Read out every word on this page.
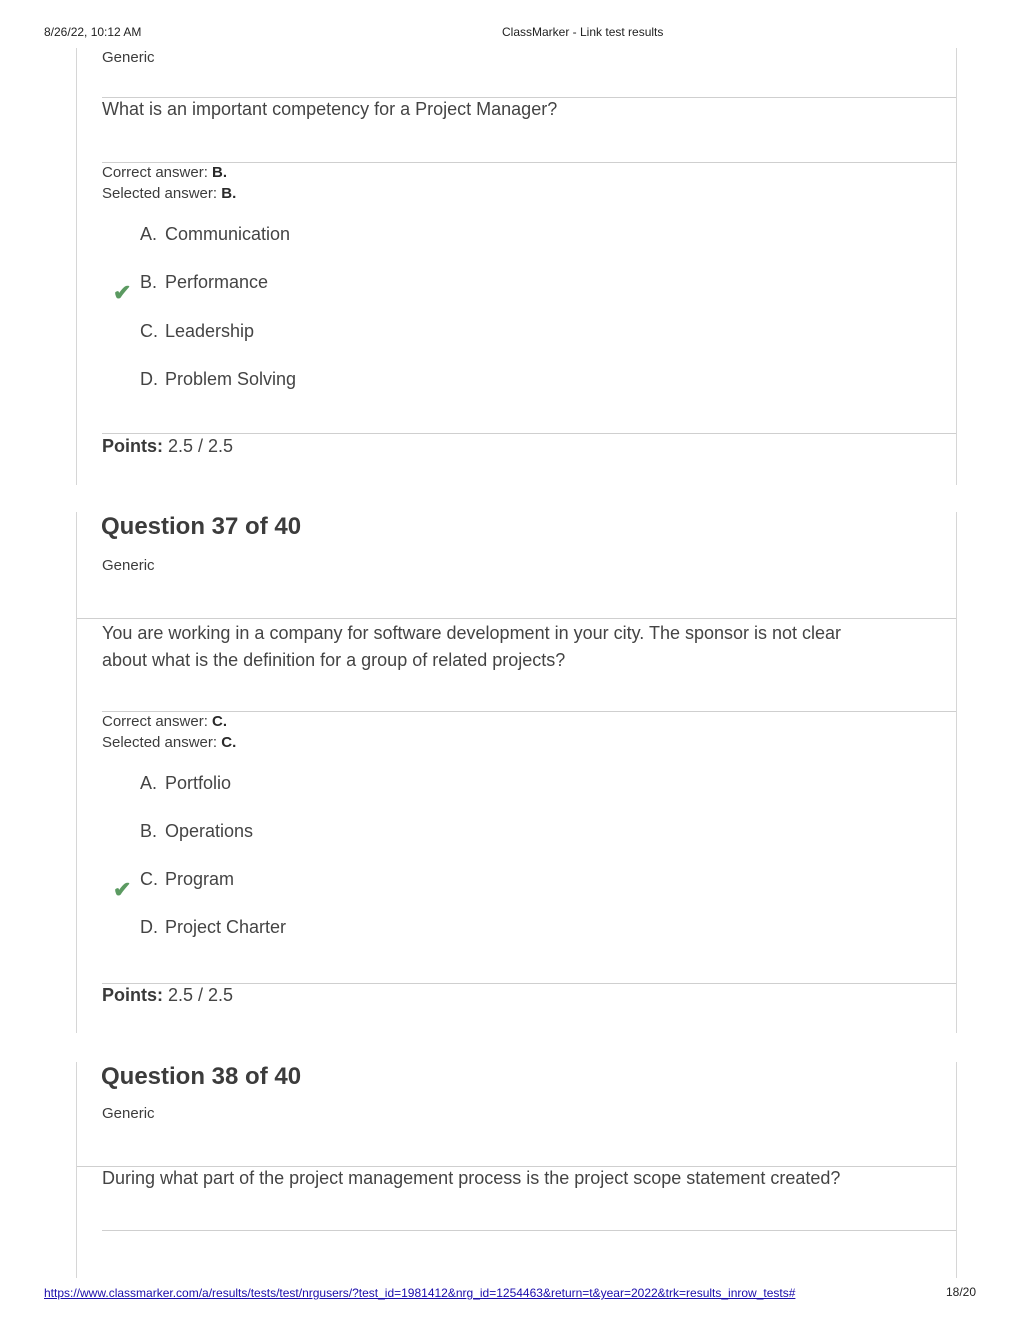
8/26/22, 10:12 AM	ClassMarker - Link test results
Generic
What is an important competency for a Project Manager?
Correct answer: B.
Selected answer: B.
A. Communication
✔ B. Performance
C. Leadership
D. Problem Solving
Points: 2.5 / 2.5
Question 37 of 40
Generic
You are working in a company for software development in your city. The sponsor is not clear about what is the definition for a group of related projects?
Correct answer: C.
Selected answer: C.
A. Portfolio
B. Operations
✔ C. Program
D. Project Charter
Points: 2.5 / 2.5
Question 38 of 40
Generic
During what part of the project management process is the project scope statement created?
https://www.classmarker.com/a/results/tests/test/nrgusers/?test_id=1981412&nrg_id=1254463&return=t&year=2022&trk=results_inrow_tests#	18/20
